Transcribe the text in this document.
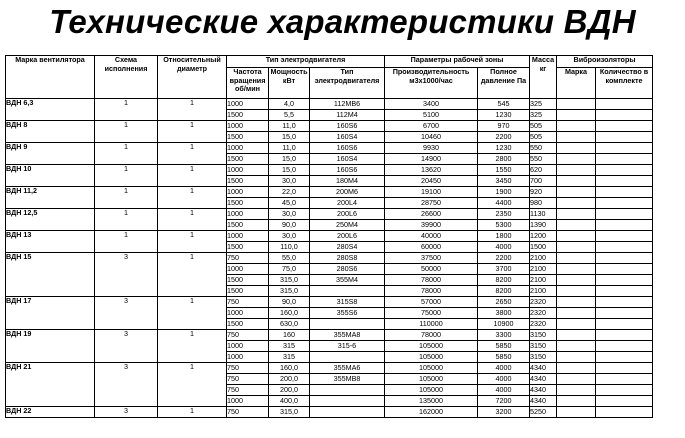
Технические характеристики ВДН
Марка вентилятора	Схема исполнения	Относительный диаметр	Тип электродвигателя			Параметры рабочей зоны		Масса кг	Виброизоляторы	
			Частота вращения об/мин	Мощность кВт	Тип электродвигателя	Производительность м3х1000/час	Полное давление Па		Марка	Количество в комплекте
ВДН 6,3	1	1	1000	4,0	112МВ6	3400	545	325		
			1500	5,5	112М4	5100	1230	325		
ВДН 8	1	1	1000	11,0	160S6	6700	970	505		
			1500	15,0	160S4	10460	2200	505		
ВДН 9	1	1	1000	11,0	160S6	9930	1230	550		
			1500	15,0	160S4	14900	2800	550		
ВДН 10	1	1	1000	15,0	160S6	13620	1550	620		
			1500	30,0	180М4	20450	3450	700		
ВДН 11,2	1	1	1000	22,0	200М6	19100	1900	920		
			1500	45,0	200L4	28750	4400	980		
ВДН 12,5	1	1	1000	30,0	200L6	26600	2350	1130		
			1500	90,0	250М4	39900	5300	1390		
ВДН 13	1	1	1000	30,0	200L6	40000	1800	1200		
			1500	110,0	280S4	60000	4000	1500		
ВДН 15	3	1	750	55,0	280S8	37500	2200	2100		
			1000	75,0	280S6	50000	3700	2100		
			1500	315,0	355М4	78000	8200	2100		
			1500	315,0		78000	8200	2100		
ВДН 17	3	1	750	90,0	315S8	57000	2650	2320		
			1000	160,0	355S6	75000	3800	2320		
			1500	630,0		110000	10900	2320		
ВДН 19	3	1	750	160	355МА8	78000	3300	3150		
			1000	315	315-6	105000	5850	3150		
			1000	315		105000	5850	3150		
ВДН 21	3	1	750	160,0	355МА6	105000	4000	4340		
			750	200,0	355МВ8	105000	4000	4340		
			750	200,0		105000	4000	4340		
			1000	400,0		135000	7200	4340		
ВДН 22	3	1	750	315,0		162000	3200	5250		
